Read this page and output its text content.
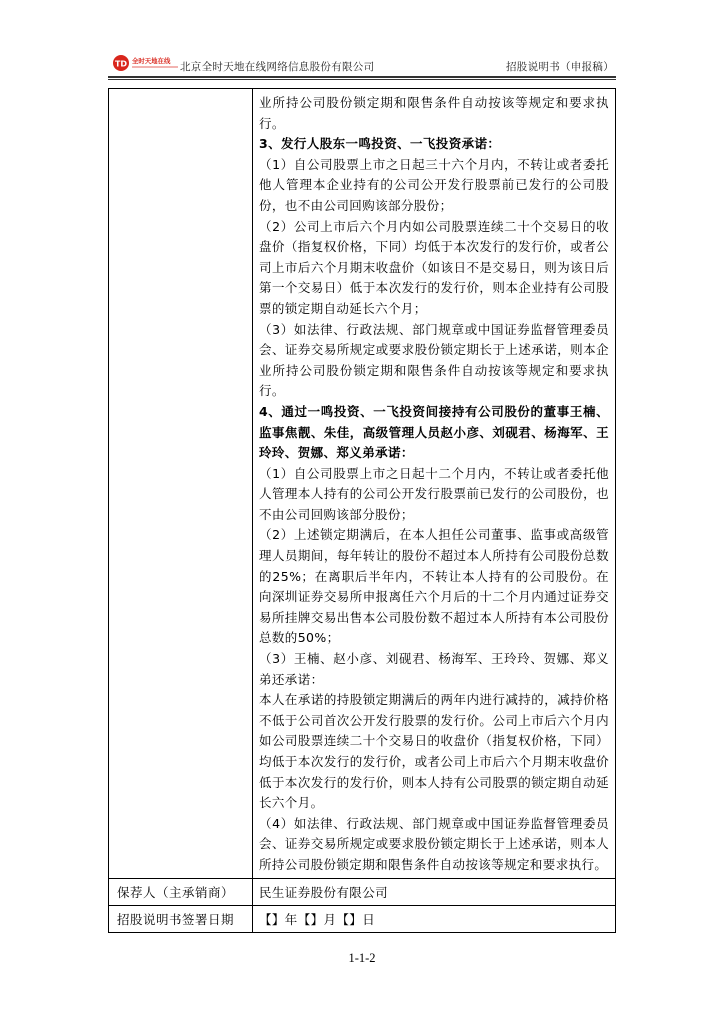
TD 全时天地在线 北京全时天地在线网络信息股份有限公司	招股说明书（申报稿）

业所持公司股份锁定期和限售条件自动按该等规定和要求执行。

3、发行人股东一鸣投资、一飞投资承诺：

（1）自公司股票上市之日起三十六个月内，不转让或者委托他人管理本企业持有的公司公开发行股票前已发行的公司股份，也不由公司回购该部分股份；

（2）公司上市后六个月内如公司股票连续二十个交易日的收盘价（指复权价格，下同）均低于本次发行的发行价，或者公司上市后六个月期末收盘价（如该日不是交易日，则为该日后第一个交易日）低于本次发行的发行价，则本企业持有公司股票的锁定期自动延长六个月；

（3）如法律、行政法规、部门规章或中国证券监督管理委员会、证券交易所规定或要求股份锁定期长于上述承诺，则本企业所持公司股份锁定期和限售条件自动按该等规定和要求执行。

4、通过一鸣投资、一飞投资间接持有公司股份的董事王楠、监事焦靓、朱佳，高级管理人员赵小彦、刘砚君、杨海军、王玲玲、贺娜、郑义弟承诺：

（1）自公司股票上市之日起十二个月内，不转让或者委托他人管理本人持有的公司公开发行股票前已发行的公司股份，也不由公司回购该部分股份；

（2）上述锁定期满后，在本人担任公司董事、监事或高级管理人员期间，每年转让的股份不超过本人所持有公司股份总数的25%；在离职后半年内，不转让本人持有的公司股份。在向深圳证券交易所申报离任六个月后的十二个月内通过证券交易所挂牌交易出售本公司股份数不超过本人所持有本公司股份总数的50%；

（3）王楠、赵小彦、刘砚君、杨海军、王玲玲、贺娜、郑义弟还承诺：

本人在承诺的持股锁定期满后的两年内进行减持的，减持价格不低于公司首次公开发行股票的发行价。公司上市后六个月内如公司股票连续二十个交易日的收盘价（指复权价格，下同）均低于本次发行的发行价，或者公司上市后六个月期末收盘价低于本次发行的发行价，则本人持有公司股票的锁定期自动延长六个月。

（4）如法律、行政法规、部门规章或中国证券监督管理委员会、证券交易所规定或要求股份锁定期长于上述承诺，则本人所持公司股份锁定期和限售条件自动按该等规定和要求执行。

保荐人（主承销商）	民生证券股份有限公司
招股说明书签署日期	【】年【】月【】日
1-1-2
